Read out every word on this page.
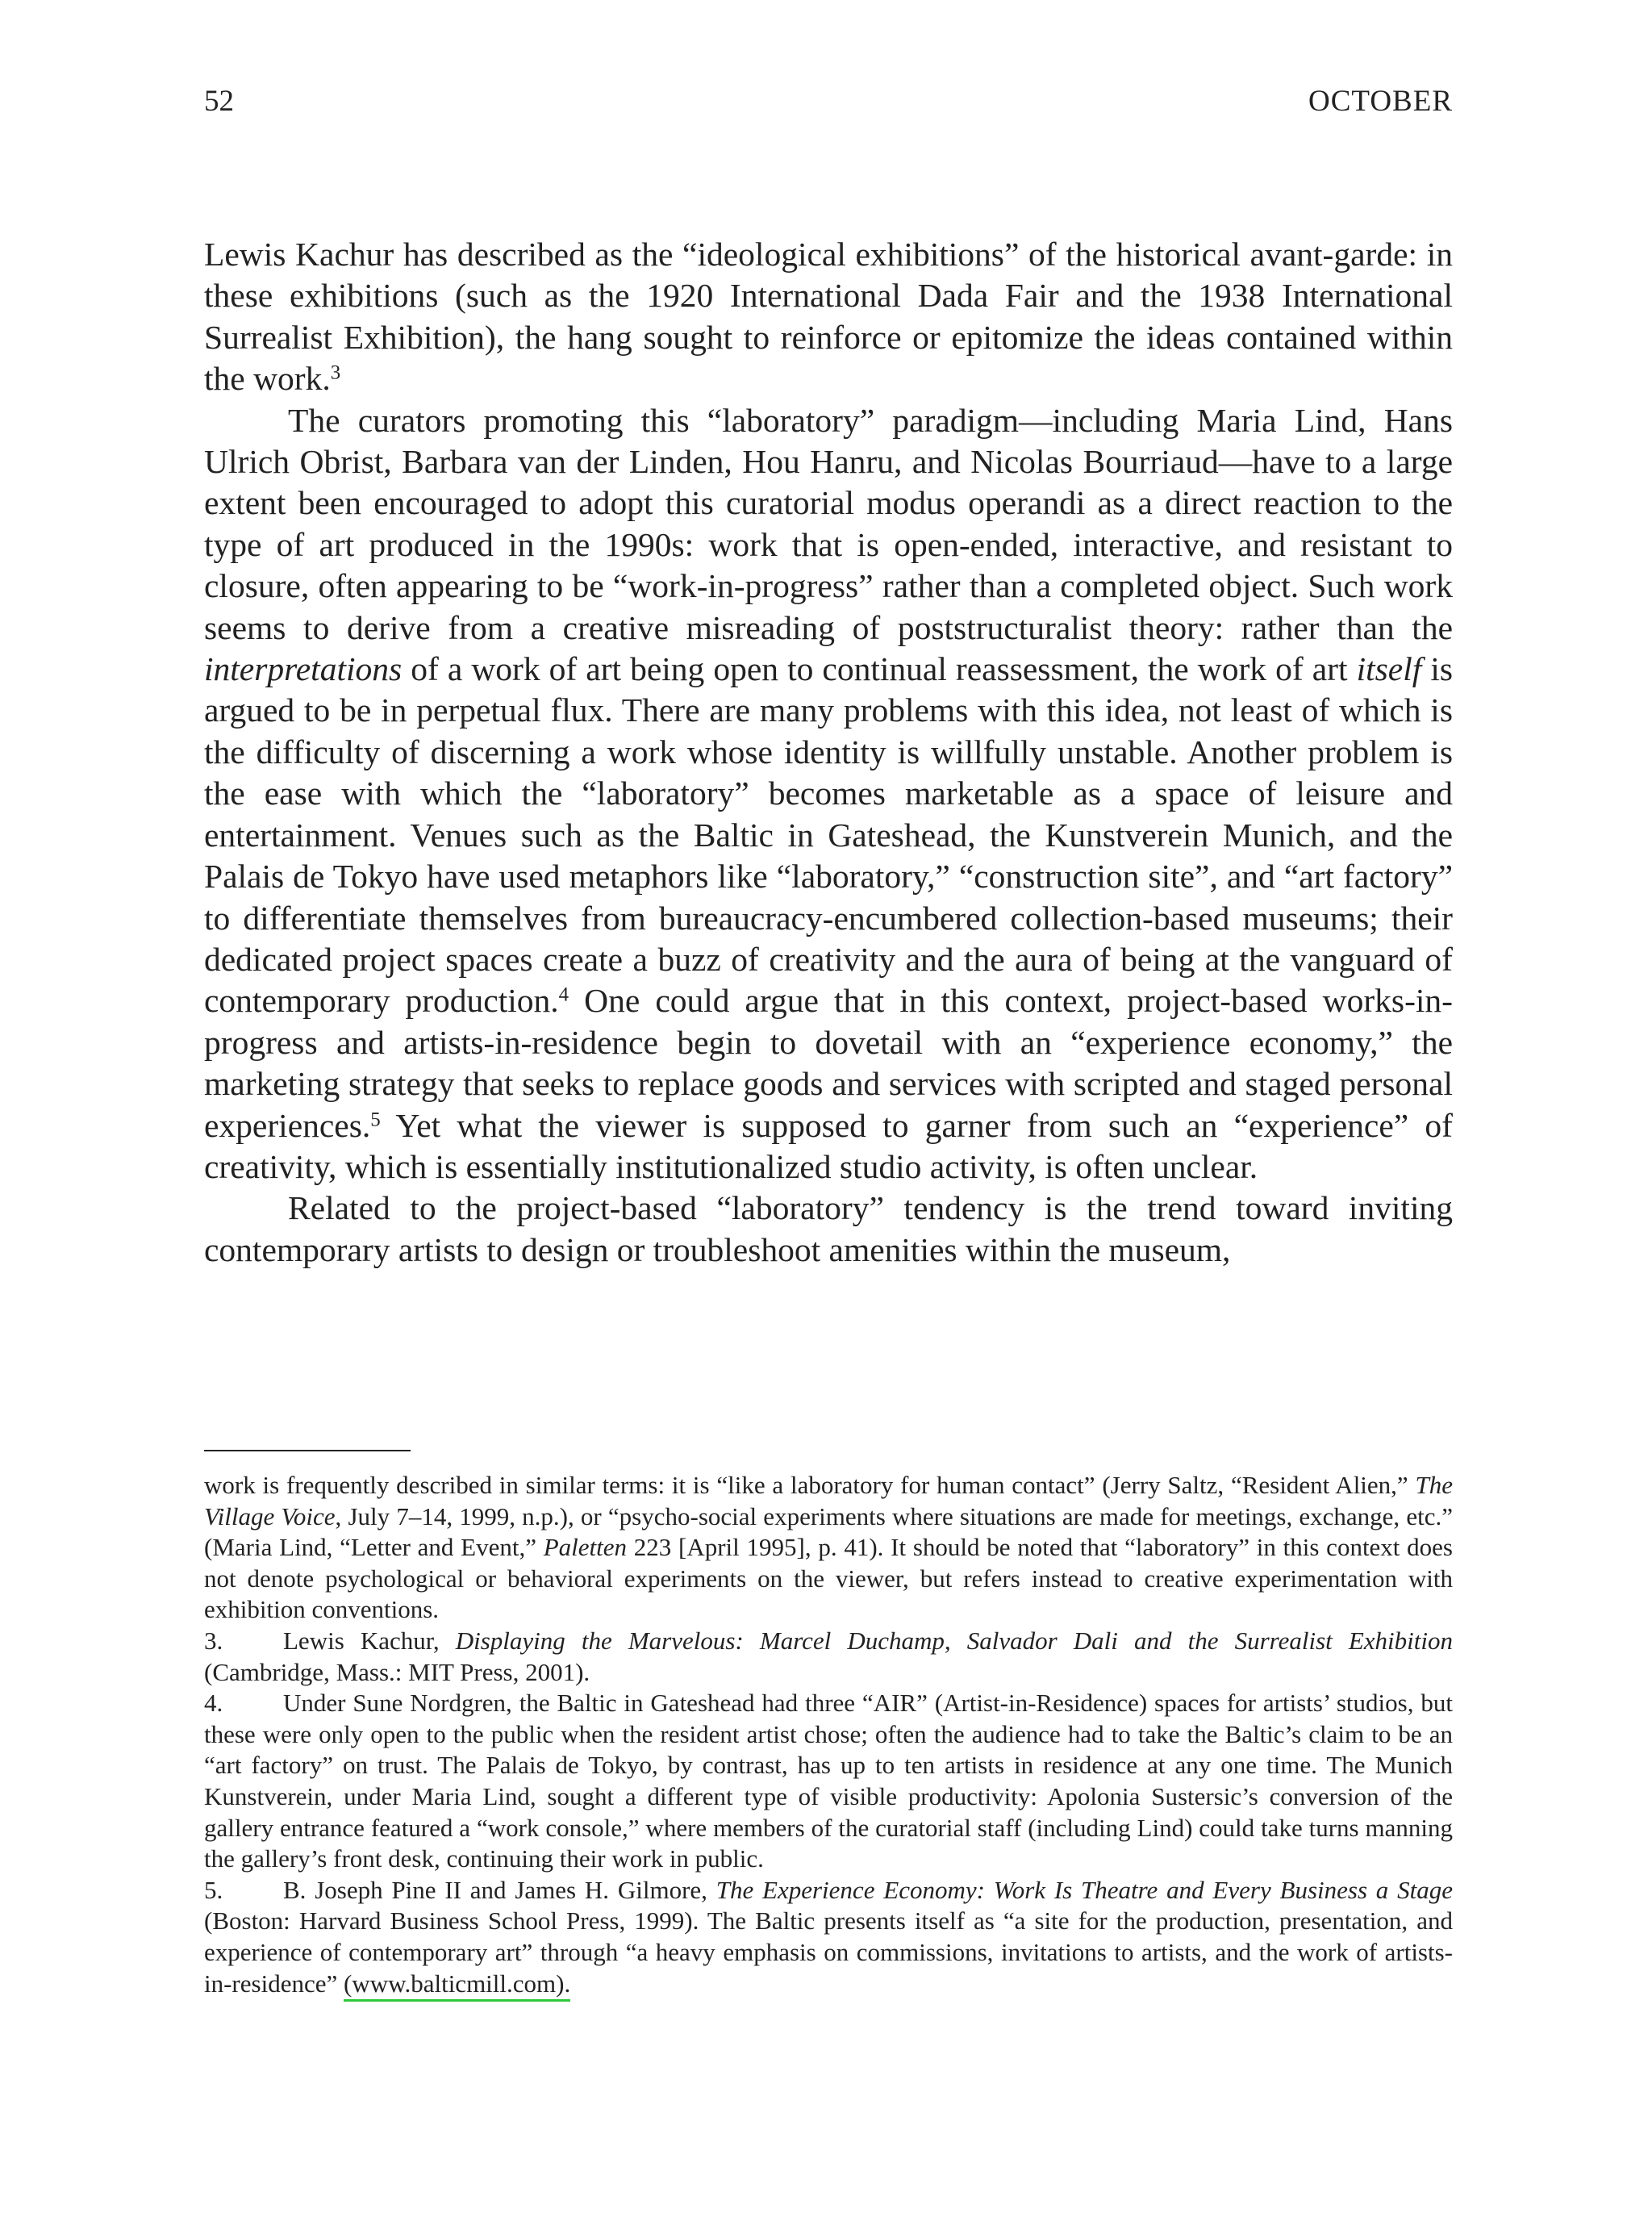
52	OCTOBER

Lewis Kachur has described as the “ideological exhibitions” of the historical avant-garde: in these exhibitions (such as the 1920 International Dada Fair and the 1938 International Surrealist Exhibition), the hang sought to reinforce or epitomize the ideas contained within the work.$^3$

The curators promoting this “laboratory” paradigm—including Maria Lind, Hans Ulrich Obrist, Barbara van der Linden, Hou Hanru, and Nicolas Bourriaud—have to a large extent been encouraged to adopt this curatorial modus operandi as a direct reaction to the type of art produced in the 1990s: work that is open-ended, interactive, and resistant to closure, often appearing to be “work-in-progress” rather than a completed object. Such work seems to derive from a creative misreading of poststructuralist theory: rather than the interpretations of a work of art being open to continual reassessment, the work of art itself is argued to be in perpetual flux. There are many problems with this idea, not least of which is the difficulty of discerning a work whose identity is willfully unstable. Another problem is the ease with which the “laboratory” becomes marketable as a space of leisure and entertainment. Venues such as the Baltic in Gateshead, the Kunstverein Munich, and the Palais de Tokyo have used metaphors like “laboratory,” “construction site”, and “art factory” to differentiate themselves from bureaucracy-encumbered collection-based museums; their dedicated project spaces create a buzz of creativity and the aura of being at the vanguard of contemporary production.$^4$ One could argue that in this context, project-based works-in-progress and artists-in-residence begin to dovetail with an “experience economy,” the marketing strategy that seeks to replace goods and services with scripted and staged personal experiences.$^5$ Yet what the viewer is supposed to garner from such an “experience” of creativity, which is essentially institutionalized studio activity, is often unclear.

Related to the project-based “laboratory” tendency is the trend toward inviting contemporary artists to design or troubleshoot amenities within the museum,

work is frequently described in similar terms: it is “like a laboratory for human contact” (Jerry Saltz, “Resident Alien,” The Village Voice, July 7–14, 1999, n.p.), or “psycho-social experiments where situations are made for meetings, exchange, etc.” (Maria Lind, “Letter and Event,” Paletten 223 [April 1995], p. 41). It should be noted that “laboratory” in this context does not denote psychological or behavioral experiments on the viewer, but refers instead to creative experimentation with exhibition conventions.

3. Lewis Kachur, Displaying the Marvelous: Marcel Duchamp, Salvador Dali and the Surrealist Exhibition (Cambridge, Mass.: MIT Press, 2001).

4. Under Sune Nordgren, the Baltic in Gateshead had three “AIR” (Artist-in-Residence) spaces for artists’ studios, but these were only open to the public when the resident artist chose; often the audience had to take the Baltic’s claim to be an “art factory” on trust. The Palais de Tokyo, by contrast, has up to ten artists in residence at any one time. The Munich Kunstverein, under Maria Lind, sought a different type of visible productivity: Apolonia Sustersic’s conversion of the gallery entrance featured a “work console,” where members of the curatorial staff (including Lind) could take turns manning the gallery’s front desk, continuing their work in public.

5. B. Joseph Pine II and James H. Gilmore, The Experience Economy: Work Is Theatre and Every Business a Stage (Boston: Harvard Business School Press, 1999). The Baltic presents itself as “a site for the production, presentation, and experience of contemporary art” through “a heavy emphasis on commissions, invitations to artists, and the work of artists-in-residence” (www.balticmill.com).
